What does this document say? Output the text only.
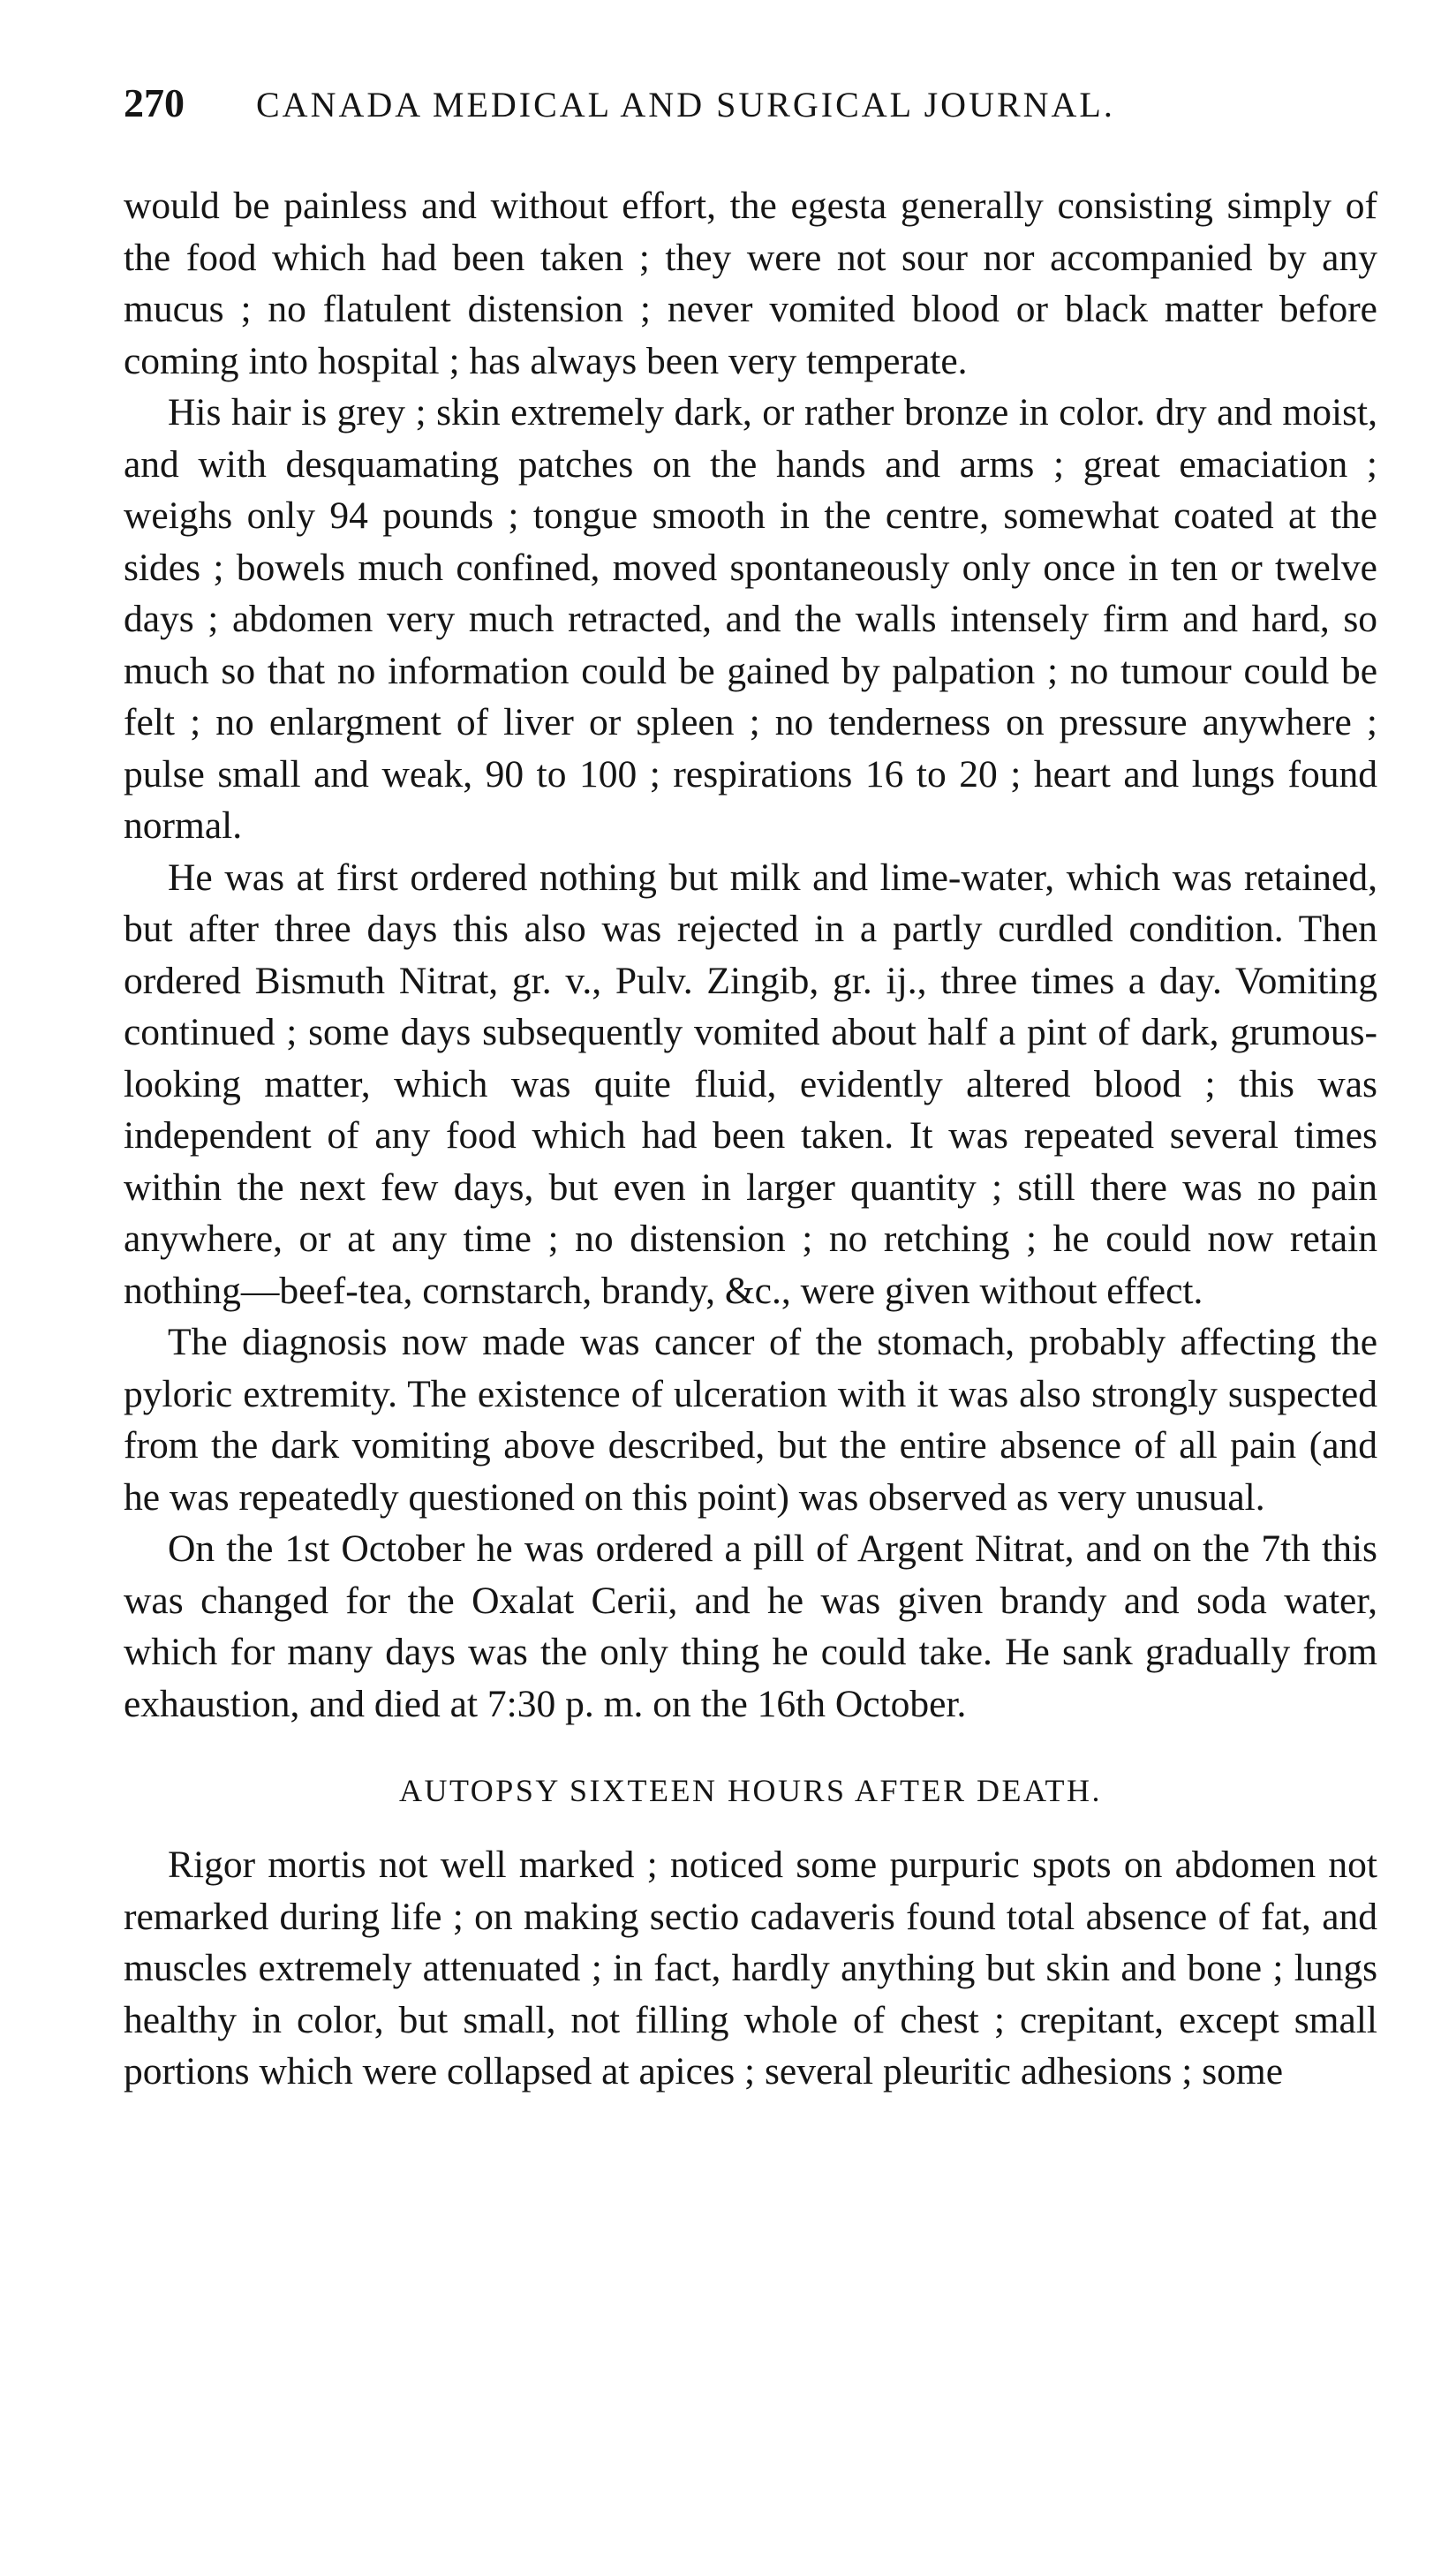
270	CANADA MEDICAL AND SURGICAL JOURNAL.

would be painless and without effort, the egesta generally consisting simply of the food which had been taken ; they were not sour nor accompanied by any mucus ; no flatulent distension ; never vomited blood or black matter before coming into hospital ; has always been very temperate.

His hair is grey ; skin extremely dark, or rather bronze in color. dry and moist, and with desquamating patches on the hands and arms ; great emaciation ; weighs only 94 pounds ; tongue smooth in the centre, somewhat coated at the sides ; bowels much confined, moved spontaneously only once in ten or twelve days ; abdomen very much retracted, and the walls intensely firm and hard, so much so that no information could be gained by palpation ; no tumour could be felt ; no enlargment of liver or spleen ; no tenderness on pressure anywhere ; pulse small and weak, 90 to 100 ; respirations 16 to 20 ; heart and lungs found normal.

He was at first ordered nothing but milk and lime-water, which was retained, but after three days this also was rejected in a partly curdled condition. Then ordered Bismuth Nitrat, gr. v., Pulv. Zingib, gr. ij., three times a day. Vomiting continued ; some days subsequently vomited about half a pint of dark, grumous-looking matter, which was quite fluid, evidently altered blood ; this was independent of any food which had been taken. It was repeated several times within the next few days, but even in larger quantity ; still there was no pain anywhere, or at any time ; no distension ; no retching ; he could now retain nothing—beef-tea, cornstarch, brandy, &c., were given without effect.

The diagnosis now made was cancer of the stomach, probably affecting the pyloric extremity. The existence of ulceration with it was also strongly suspected from the dark vomiting above described, but the entire absence of all pain (and he was repeatedly questioned on this point) was observed as very unusual.

On the 1st October he was ordered a pill of Argent Nitrat, and on the 7th this was changed for the Oxalat Cerii, and he was given brandy and soda water, which for many days was the only thing he could take. He sank gradually from exhaustion, and died at 7:30 p. m. on the 16th October.

AUTOPSY SIXTEEN HOURS AFTER DEATH.

Rigor mortis not well marked ; noticed some purpuric spots on abdomen not remarked during life ; on making sectio cadaveris found total absence of fat, and muscles extremely attenuated ; in fact, hardly anything but skin and bone ; lungs healthy in color, but small, not filling whole of chest ; crepitant, except small portions which were collapsed at apices ; several pleuritic adhesions ; some
